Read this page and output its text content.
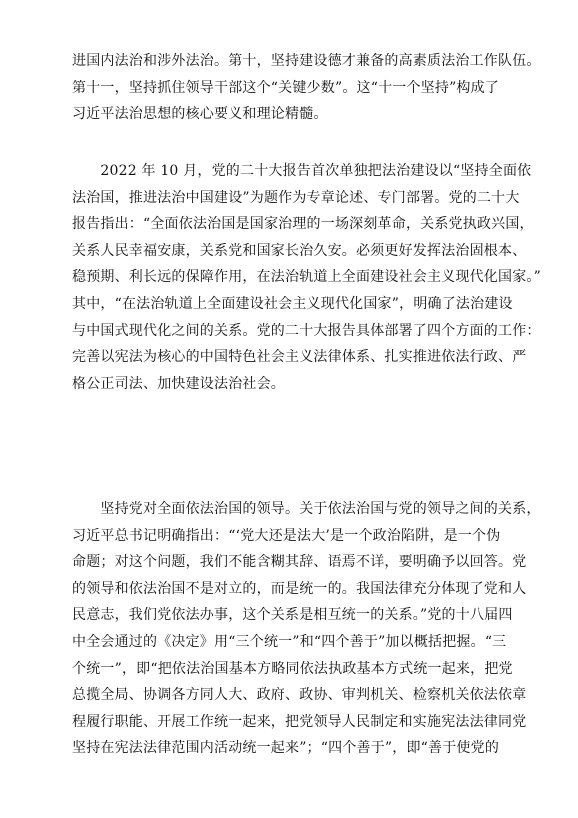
进国内法治和涉外法治。第十，坚持建设德才兼备的高素质法治工作队伍。
第十一，坚持抓住领导干部这个“关键少数”。这“十一个坚持”构成了
习近平法治思想的核心要义和理论精髓。
　　2022 年 10 月，党的二十大报告首次单独把法治建设以“坚持全面依
法治国，推进法治中国建设”为题作为专章论述、专门部署。党的二十大
报告指出：“全面依法治国是国家治理的一场深刻革命，关系党执政兴国，
关系人民幸福安康，关系党和国家长治久安。必须更好发挥法治固根本、
稳预期、利长远的保障作用，在法治轨道上全面建设社会主义现代化国家。”
其中，“在法治轨道上全面建设社会主义现代化国家”，明确了法治建设
与中国式现代化之间的关系。党的二十大报告具体部署了四个方面的工作：
完善以宪法为核心的中国特色社会主义法律体系、扎实推进依法行政、严
格公正司法、加快建设法治社会。
　　坚持党对全面依法治国的领导。关于依法治国与党的领导之间的关系，
习近平总书记明确指出：“‘党大还是法大’是一个政治陷阱，是一个伪
命题；对这个问题，我们不能含糊其辞、语焉不详，要明确予以回答。党
的领导和依法治国不是对立的，而是统一的。我国法律充分体现了党和人
民意志，我们党依法办事，这个关系是相互统一的关系。”党的十八届四
中全会通过的《决定》用“三个统一”和“四个善于”加以概括把握。“三
个统一”，即“把依法治国基本方略同依法执政基本方式统一起来，把党
总揽全局、协调各方同人大、政府、政协、审判机关、检察机关依法依章
程履行职能、开展工作统一起来，把党领导人民制定和实施宪法法律同党
坚持在宪法法律范围内活动统一起来”；“四个善于”，即“善于使党的
